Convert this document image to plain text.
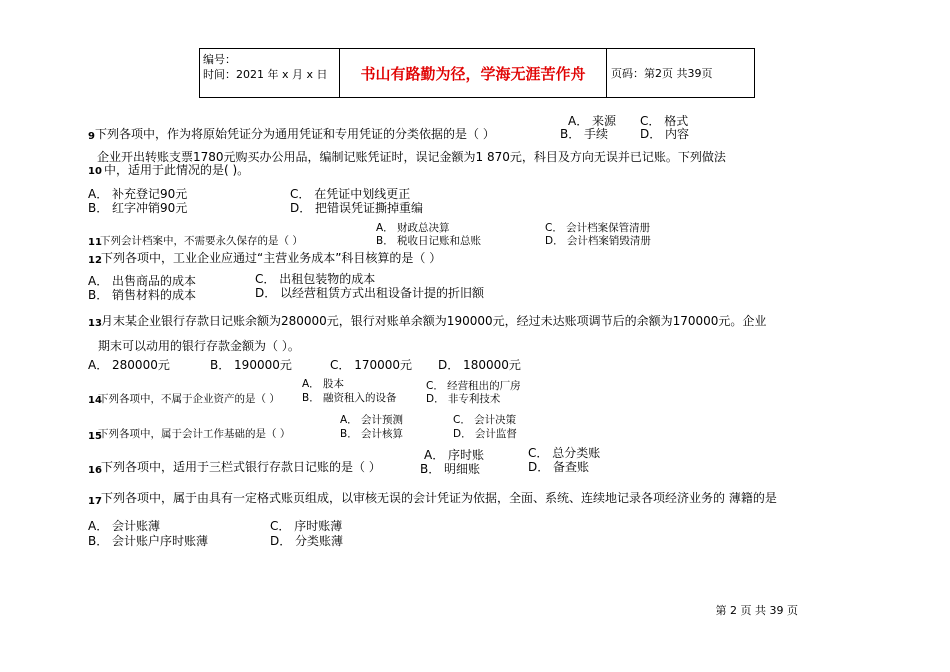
编号：
时间：2021 年 x 月 x 日	书山有路勤为径，学海无涯苦作舟	页码：第2页 共39页
A． 来源 C． 格式
9 下列各项中，作为将原始凭证分为通用凭证和专用凭证的分类依据的是（ ）	B． 手续	D． 内容
企业开出转账支票1780元购买办公用品，编制记账凭证时，误记金额为1 870元，科目及方向无误并已记账。下列做法
10 中，适用于此情况的是( )。
A． 补充登记90元	C． 在凭证中划线更正
B． 红字冲销90元	D． 把错误凭证撕掉重编
A． 财政总决算	C． 会计档案保管清册
11
下列会计档案中，不需要永久保存的是（ ）	B． 税收日记账和总账	D． 会计档案销毁清册
12 下列各项中，工业企业应通过“主营业务成本”科目核算的是（ ）
A． 出售商品的成本	C． 出租包装物的成本
B． 销售材料的成本	D． 以经营租赁方式出租设备计提的折旧额
13 月末某企业银行存款日记账余额为280000元，银行对账单余额为190000元，经过未达账项调节后的余额为170000元。企业
期末可以动用的银行存款金额为（ ）。
A． 280000元	B． 190000元	C． 170000元 D． 180000元
A． 股本	C． 经营租出的厂房
14
下列各项中，不属于企业资产的是（ ） B． 融资租入的设备	D． 非专利技术
A． 会计预测	C． 会计决策
15
下列各项中，属于会计工作基础的是（ ）	B． 会计核算	D． 会计监督
A． 序时账	C． 总分类账
16 下列各项中，适用于三栏式银行存款日记账的是（ ）	B． 明细账	D． 备查账
17 下列各项中，属于由具有一定格式账页组成，以审核无误的会计凭证为依据，全面、系统、连续地记录各项经济业务的 薄籍的是
A． 会计账薄	C． 序时账薄
B． 会计账户序时账薄	D． 分类账薄
第 2 页 共 39 页
